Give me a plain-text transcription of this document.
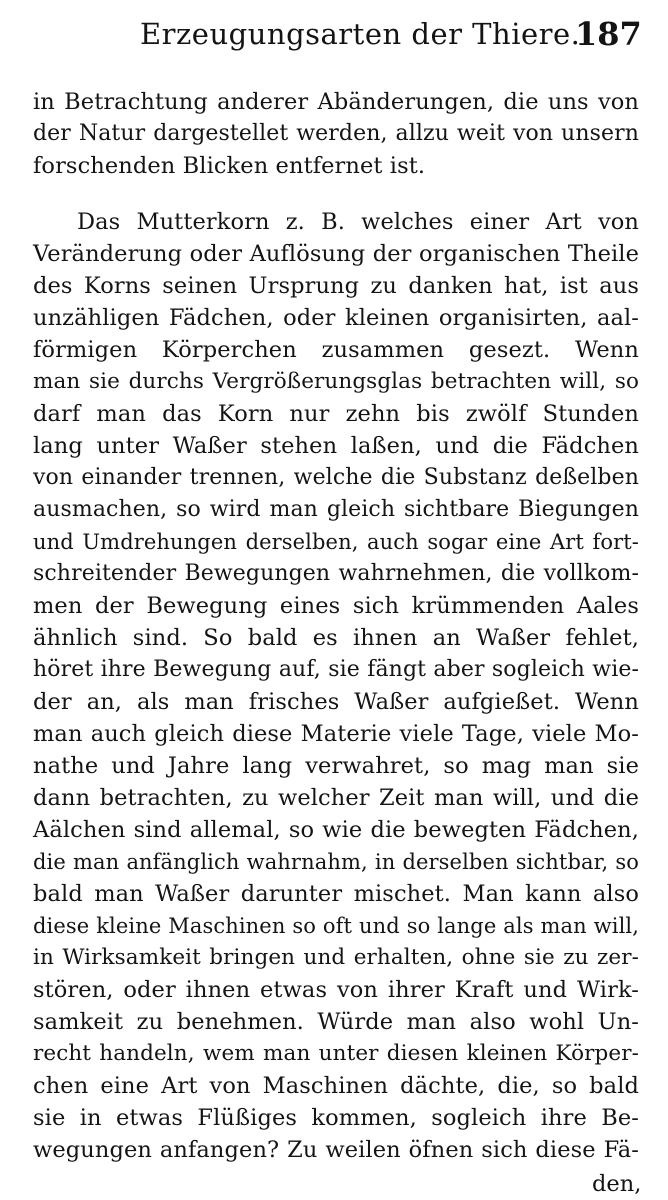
Erzeugungsarten der Thiere.
187
in Betrachtung anderer Abänderungen, die uns von
der Natur dargestellet werden, allzu weit von unsern
forschenden Blicken entfernet ist.
Das Mutterkorn z. B. welches einer Art von
Veränderung oder Auflösung der organischen Theile
des Korns seinen Ursprung zu danken hat, ist aus
unzähligen Fädchen, oder kleinen organisirten, aal-
förmigen Körperchen zusammen gesezt. Wenn
man sie durchs Vergrößerungsglas betrachten will, so
darf man das Korn nur zehn bis zwölf Stunden
lang unter Waßer stehen laßen, und die Fädchen
von einander trennen, welche die Substanz deßelben
ausmachen, so wird man gleich sichtbare Biegungen
und Umdrehungen derselben, auch sogar eine Art fort-
schreitender Bewegungen wahrnehmen, die vollkom-
men der Bewegung eines sich krümmenden Aales
ähnlich sind. So bald es ihnen an Waßer fehlet,
höret ihre Bewegung auf, sie fängt aber sogleich wie-
der an, als man frisches Waßer aufgießet. Wenn
man auch gleich diese Materie viele Tage, viele Mo-
nathe und Jahre lang verwahret, so mag man sie
dann betrachten, zu welcher Zeit man will, und die
Aälchen sind allemal, so wie die bewegten Fädchen,
die man anfänglich wahrnahm, in derselben sichtbar, so
bald man Waßer darunter mischet. Man kann also
diese kleine Maschinen so oft und so lange als man will,
in Wirksamkeit bringen und erhalten, ohne sie zu zer-
stören, oder ihnen etwas von ihrer Kraft und Wirk-
samkeit zu benehmen. Würde man also wohl Un-
recht handeln, wem man unter diesen kleinen Körper-
chen eine Art von Maschinen dächte, die, so bald
sie in etwas Flüßiges kommen, sogleich ihre Be-
wegungen anfangen? Zu weilen öfnen sich diese Fä-
den,
